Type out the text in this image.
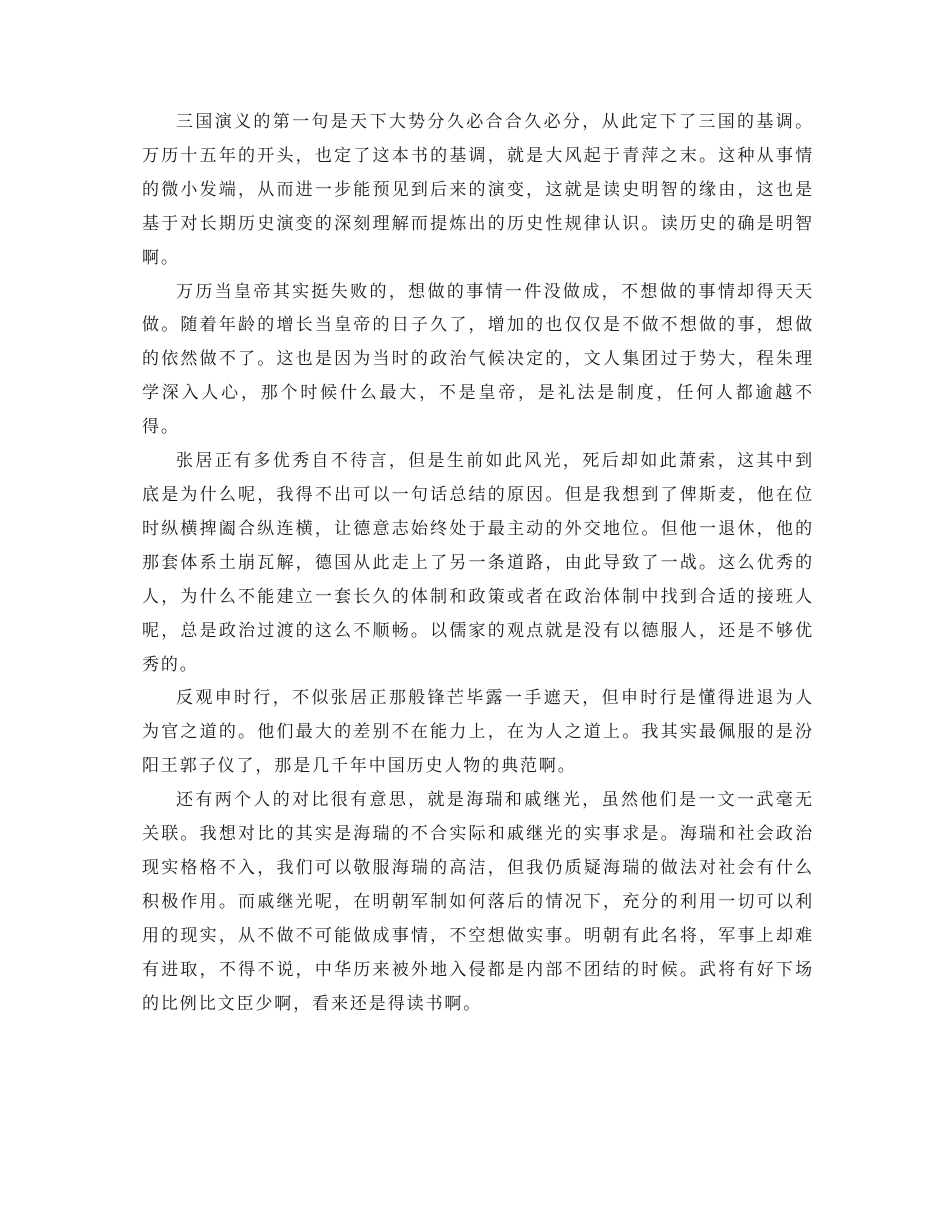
三国演义的第一句是天下大势分久必合合久必分，从此定下了三国的基调。万历十五年的开头，也定了这本书的基调，就是大风起于青萍之末。这种从事情的微小发端，从而进一步能预见到后来的演变，这就是读史明智的缘由，这也是基于对长期历史演变的深刻理解而提炼出的历史性规律认识。读历史的确是明智啊。

万历当皇帝其实挺失败的，想做的事情一件没做成，不想做的事情却得天天做。随着年龄的增长当皇帝的日子久了，增加的也仅仅是不做不想做的事，想做的依然做不了。这也是因为当时的政治气候决定的，文人集团过于势大，程朱理学深入人心，那个时候什么最大，不是皇帝，是礼法是制度，任何人都逾越不得。

张居正有多优秀自不待言，但是生前如此风光，死后却如此萧索，这其中到底是为什么呢，我得不出可以一句话总结的原因。但是我想到了俾斯麦，他在位时纵横捭阖合纵连横，让德意志始终处于最主动的外交地位。但他一退休，他的那套体系土崩瓦解，德国从此走上了另一条道路，由此导致了一战。这么优秀的人，为什么不能建立一套长久的体制和政策或者在政治体制中找到合适的接班人呢，总是政治过渡的这么不顺畅。以儒家的观点就是没有以德服人，还是不够优秀的。

反观申时行，不似张居正那般锋芒毕露一手遮天，但申时行是懂得进退为人为官之道的。他们最大的差别不在能力上，在为人之道上。我其实最佩服的是汾阳王郭子仪了，那是几千年中国历史人物的典范啊。

还有两个人的对比很有意思，就是海瑞和戚继光，虽然他们是一文一武毫无关联。我想对比的其实是海瑞的不合实际和戚继光的实事求是。海瑞和社会政治现实格格不入，我们可以敬服海瑞的高洁，但我仍质疑海瑞的做法对社会有什么积极作用。而戚继光呢，在明朝军制如何落后的情况下，充分的利用一切可以利用的现实，从不做不可能做成事情，不空想做实事。明朝有此名将，军事上却难有进取，不得不说，中华历来被外地入侵都是内部不团结的时候。武将有好下场的比例比文臣少啊，看来还是得读书啊。
